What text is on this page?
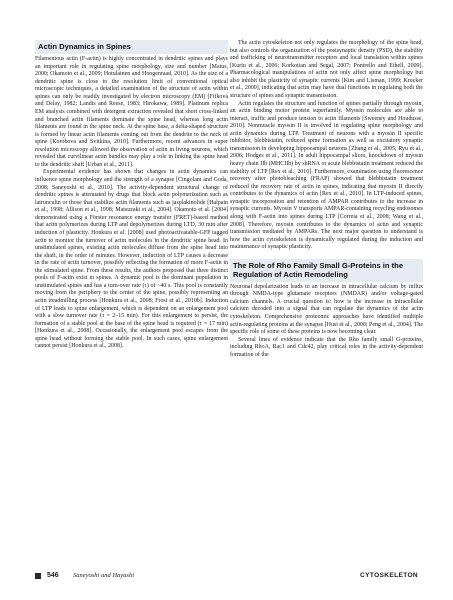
Actin Dynamics in Spines

Filamentous actin (F-actin) is highly concentrated in dendritic spines and plays an important role in regulating spine morphology, size and number [Matus, 2000; Okamoto et al., 2009; Hotulainen and Hoogenraad, 2010]. As the size of a dendritic spine is close to the resolution limit of conventional optical microscopic techniques, a detailed examination of the structure of actin within spines can only be readily investigated by electron microscopy (EM) [Fifková and Delay, 1982; Landis and Reese, 1983; Hirokawa, 1989]. Platinum replica EM analysis combined with detergent extraction revealed that short cross-linked and branched actin filaments dominate the spine head, whereas long actin filaments are found in the spine neck. At the spine base, a delta-shaped structure is formed by linear actin filaments coming out from the dendrite to the neck of spine [Korobova and Svitkina, 2010]. Furthermore, recent advances in super resolution microscopy allowed the observation of actin in living neurons, which revealed that curvilinear actin bundles may play a role in linking the spine head to the dendritic shaft [Urban et al., 2011].

Experimental evidence has shown that changes in actin dynamics can influence spine morphology and the strength of a synapse [Cingolani and Goda, 2008; Saneyoshi et al., 2010]. The activity-dependent structural change of dendritic spines is attenuated by drugs that block actin polymerization such as latrunculin or those that stabilize actin filaments such as jasplakinolide [Halpain et al., 1998; Allison et al., 1998; Matsuzaki et al., 2004]. Okamoto et al. [2004] demonstrated using a Förster resonance energy transfer (FRET)-based method that actin polymerizes during LTP and depolymerizes during LTD, 30 min after induction of plasticity. Honkura et al. [2008] used photoactivatable-GFP tagged actin to monitor the turnover of actin molecules in the dendritic spine head. In unstimulated spines, existing actin molecules diffuse from the spine head into the shaft, in the order of minutes. However, induction of LTP causes a decrease in the rate of actin turnover, possibly reflecting the formation of more F-actin in the stimulated spine. From these results, the authors proposed that three distinct pools of F-actin exist in spines. A dynamic pool is the dominant population in unstimulated spines and has a turn-over rate (τ) of ~40 s. This pool is constantly moving from the periphery to the center of the spine, possibly representing an actin treadmilling process [Honkura et al., 2008; Frost et al., 2010b]. Induction of LTP leads to spine enlargement, which is dependent on an enlargement pool with a slow turnover rate (τ = 2–15 min). For this enlargement to persist, the formation of a stable pool at the base of the spine head is required (τ = 17 min) [Honkura et al., 2008]. Occasionally, the enlargement pool escapes from the spine head without forming the stable pool. In such cases, spine enlargement cannot persist [Honkura et al., 2008].

The actin cytoskeleton not only regulates the morphology of the spine head, but also controls the organization of the postsynaptic density (PSD), the stability and trafficking of neurotransmitter receptors and local translation within spines [Kuriu et al., 2006; Korkotian and Segal, 2007; Pontrello and Ethell, 2009]. Pharmacological manipulations of actin not only affect spine morphology but also inhibit the plasticity of synaptic currents [Kim and Lisman, 1999; Krucker et al., 2000], indicating that actin may have dual functions in regulating both the structure of spines and synaptic transmission.

Actin regulates the structure and function of spines partially through myosin, an actin binding motor protein superfamily. Myosin molecules are able to interact, traffic and produce tension to actin filaments [Sweeney and Houdusse, 2010]. Nonmuscle myosin II is involved in regulating spine morphology and actin dynamics during LTP. Treatment of neurons with a myosin II specific inhibitor, blebbistatin, reduced spine formation as well as excitatory synaptic transmission in developing hippocampal neurons [Zhang et al., 2005; Ryu et al., 2006; Hodges et al., 2011]. In adult hippocampal slices, knockdown of myosin heavy chain IIb (MHCIIb) by shRNA or acute blebbistatin treatment reduced the stability of LTP [Rex et al., 2010]. Furthermore, examination using fluorescence recovery after photobleaching (FRAP) showed that blebbistatin treatment reduced the recovery rate of actin in spines, indicating that myosin II directly contributes to the dynamics of actin [Rex et al., 2010]. In LTP-induced spines, synaptic incorporation and retention of AMPAR contributes to the increase in synaptic currents. Myosin V transports AMPAR-containing recycling endosomes along with F-actin into spines during LTP [Correia et al., 2008; Wang et al., 2008]. Therefore, myosin contributes to the dynamics of actin and synaptic transmission mediated by AMPARs. The next major question to understand is how the actin cytoskeleton is dynamically regulated during the induction and maintenance of synaptic plasticity.

The Role of Rho Family Small G-Proteins in the Regulation of Actin Remodeling

Neuronal depolarization leads to an increase in intracellular calcium by influx through NMDA-type glutamate receptors (NMDAR) and/or voltage-gated calcium channels. A crucial question is: how is the increase in intracellular calcium decoded into a signal that can regulate the dynamics of the actin cytoskeleton. Comprehensive proteomic approaches have identified multiple actin-regulating proteins at the synapse [Husi et al., 2000; Peng et al., 2004]. The specific role of some of these proteins is now becoming clear.

Several lines of evidence indicate that the Rho family small G-proteins, including RhoA, Rac1 and Cdc42, play critical roles in the activity-dependent formation of the

546 Saneyoshi and Hayashi	CYTOSKELETON
